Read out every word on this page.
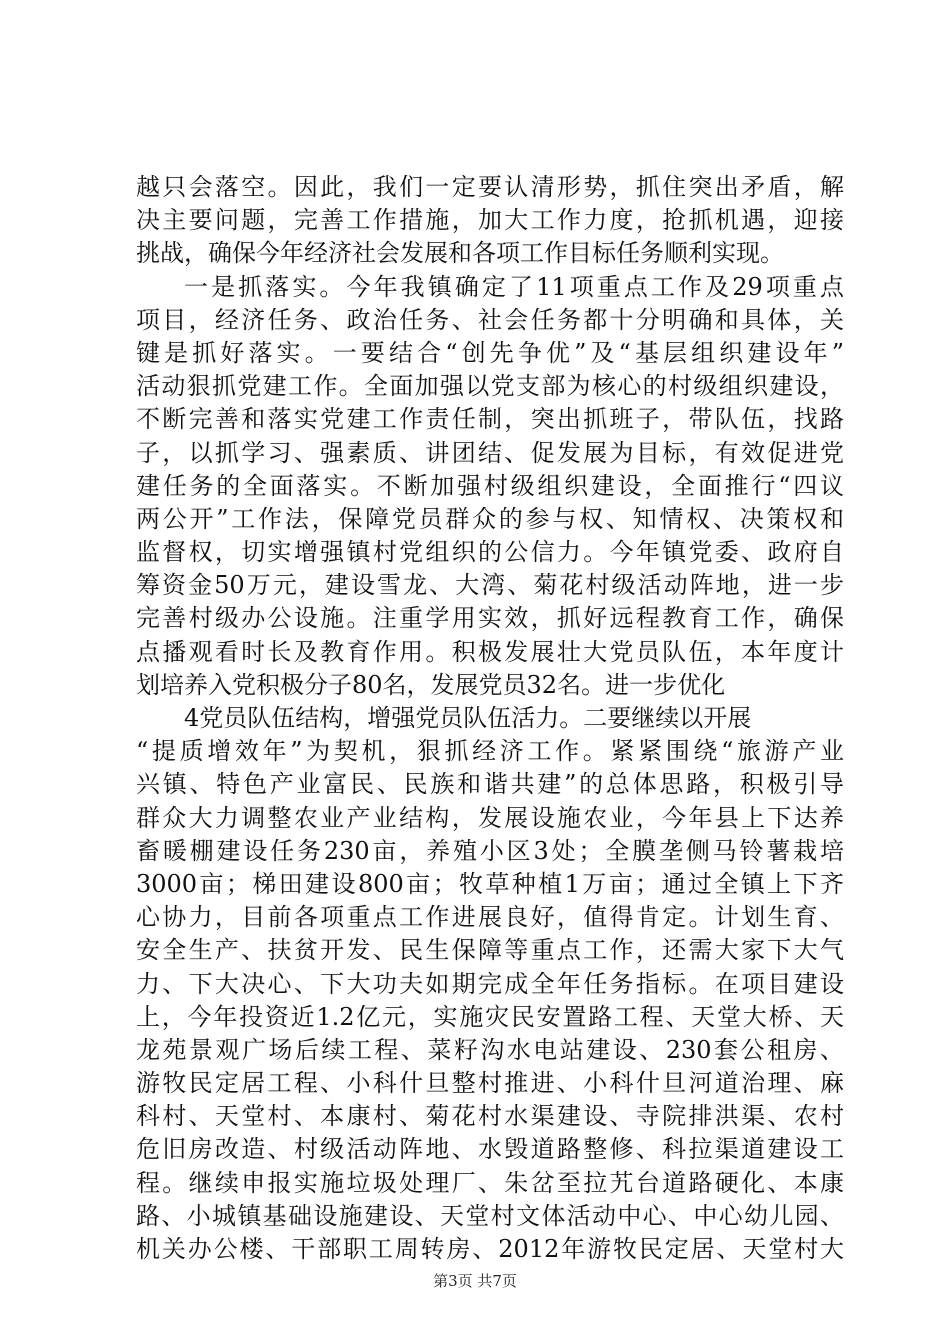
越只会落空。因此，我们一定要认清形势，抓住突出矛盾，解
决主要问题，完善工作措施，加大工作力度，抢抓机遇，迎接
挑战，确保今年经济社会发展和各项工作目标任务顺利实现。
一是抓落实。今年我镇确定了11项重点工作及29项重点
项目，经济任务、政治任务、社会任务都十分明确和具体，关
键是抓好落实。一要结合“创先争优”及“基层组织建设年”
活动狠抓党建工作。全面加强以党支部为核心的村级组织建设，
不断完善和落实党建工作责任制，突出抓班子，带队伍，找路
子，以抓学习、强素质、讲团结、促发展为目标，有效促进党
建任务的全面落实。不断加强村级组织建设，全面推行“四议
两公开”工作法，保障党员群众的参与权、知情权、决策权和
监督权，切实增强镇村党组织的公信力。今年镇党委、政府自
筹资金50万元，建设雪龙、大湾、菊花村级活动阵地，进一步
完善村级办公设施。注重学用实效，抓好远程教育工作，确保
点播观看时长及教育作用。积极发展壮大党员队伍，本年度计
划培养入党积极分子80名，发展党员32名。进一步优化
4党员队伍结构，增强党员队伍活力。二要继续以开展
“提质增效年”为契机，狠抓经济工作。紧紧围绕“旅游产业
兴镇、特色产业富民、民族和谐共建”的总体思路，积极引导
群众大力调整农业产业结构，发展设施农业，今年县上下达养
畜暖棚建设任务230亩，养殖小区3处；全膜垄侧马铃薯栽培
3000亩；梯田建设800亩；牧草种植1万亩；通过全镇上下齐
心协力，目前各项重点工作进展良好，值得肯定。计划生育、
安全生产、扶贫开发、民生保障等重点工作，还需大家下大气
力、下大决心、下大功夫如期完成全年任务指标。在项目建设
上，今年投资近1.2亿元，实施灾民安置路工程、天堂大桥、天
龙苑景观广场后续工程、菜籽沟水电站建设、230套公租房、
游牧民定居工程、小科什旦整村推进、小科什旦河道治理、麻
科村、天堂村、本康村、菊花村水渠建设、寺院排洪渠、农村
危旧房改造、村级活动阵地、水毁道路整修、科拉渠道建设工
程。继续申报实施垃圾处理厂、朱岔至拉艽台道路硬化、本康
路、小城镇基础设施建设、天堂村文体活动中心、中心幼儿园、
机关办公楼、干部职工周转房、2012年游牧民定居、天堂村大
第3页 共7页
